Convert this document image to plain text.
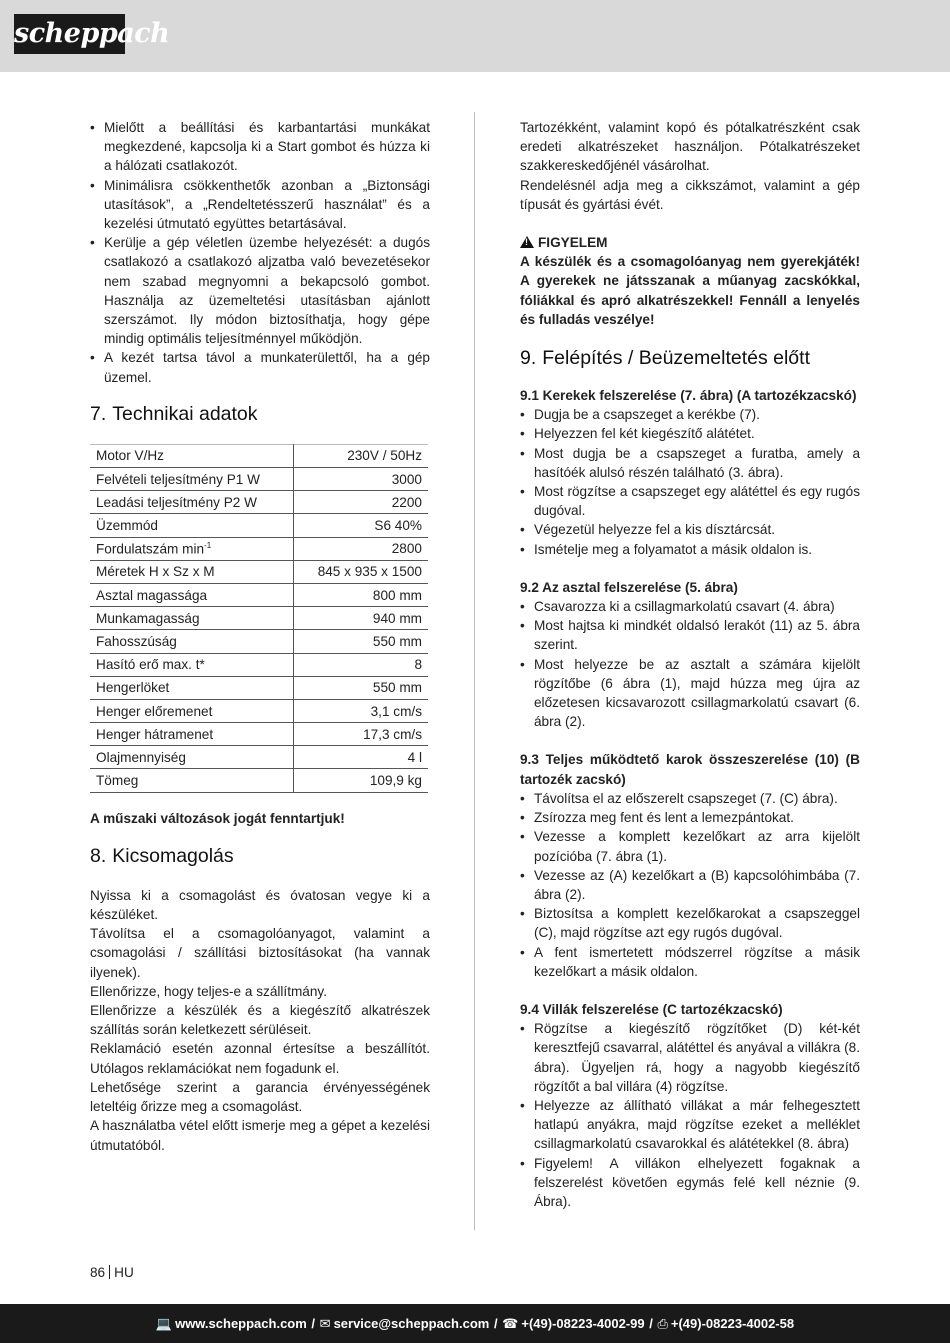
scheppach
• Mielőtt a beállítási és karbantartási munkákat megkezdené, kapcsolja ki a Start gombot és húzza ki a hálózati csatlakozót.
• Minimálisra csökkenthetők azonban a „Biztonsági utasítások”, a „Rendeltetésszerű használat” és a kezelési útmutató együttes betartásával.
• Kerülje a gép véletlen üzembe helyezését: a dugós csatlakozó a csatlakozó aljzatba való bevezetésekor nem szabad megnyomni a bekapcsoló gombot. Használja az üzemeltetési utasításban ajánlott szerszámot. Ily módon biztosíthatja, hogy gépe mindig optimális teljesítménnyel működjön.
• A kezét tartsa távol a munkaterülettől, ha a gép üzemel.
7. Technikai adatok
Motor V/Hz	230V / 50Hz
Felvételi teljesítmény P1 W	3000
Leadási teljesítmény P2 W	2200
Üzemmód	S6 40%
Fordulatszám $\min^{-1}$	2800
Méretek H x Sz x M	845 x 935 x 1500
Asztal magassága	800 mm
Munkamagasság	940 mm
Fahosszúság	550 mm
Hasító erő max. t*	8
Hengerlöket	550 mm
Henger előremenet	3,1 cm/s
Henger hátramenet	17,3 cm/s
Olajmennyiség	4 l
Tömeg	109,9 kg

A műszaki változások jogát fenntartjuk!

8. Kicsomagolás

Nyissa ki a csomagolást és óvatosan vegye ki a készüléket.

Távolítsa el a csomagolóanyagot, valamint a csomagolási / szállítási biztosításokat (ha vannak ilyenek).

Ellenőrizze, hogy teljes-e a szállítmány.

Ellenőrizze a készülék és a kiegészítő alkatrészek szállítás során keletkezett sérüléseit.

Reklamáció esetén azonnal értesítse a beszállítót. Utólagos reklamációkat nem fogadunk el.

Lehetősége szerint a garancia érvényességének leteltéig őrizze meg a csomagolást.

A használatba vétel előtt ismerje meg a gépet a kezelési útmutatóból.

Tartozékként, valamint kopó és pótalkatrészként csak eredeti alkatrészeket használjon. Pótalkatrészeket szakkereskedőjénél vásárolhat.

Rendelésnél adja meg a cikkszámot, valamint a gép típusát és gyártási évét.

!FIGYELEM

A készülék és a csomagolóanyag nem gyerekjáték! A gyerekek ne játsszanak a műanyag zacskókkal, fóliákkal és apró alkatrészekkel! Fennáll a lenyelés és fulladás veszélye!

9. Felépítés / Beüzemeltetés előtt
9.1 Kerekek felszerelése (7. ábra) (A tartozékzacskó)
• Dugja be a csapszeget a kerékbe (7).
• Helyezzen fel két kiegészítő alátétet.
• Most dugja be a csapszeget a furatba, amely a hasítóék alulsó részén található (3. ábra).
• Most rögzítse a csapszeget egy alátéttel és egy rugós dugóval.
• Végezetül helyezze fel a kis dísztárcsát.
• Ismételje meg a folyamatot a másik oldalon is.
9.2 Az asztal felszerelése (5. ábra)
• Csavarozza ki a csillagmarkolatú csavart (4. ábra)
• Most hajtsa ki mindkét oldalsó lerakót (11) az 5. ábra szerint.
• Most helyezze be az asztalt a számára kijelölt rögzítőbe (6 ábra (1), majd húzza meg újra az előzetesen kicsavarozott csillagmarkolatú csavart (6. ábra (2).
9.3 Teljes működtető karok összeszerelése (10) (B tartozék zacskó)
• Távolítsa el az előszerelt csapszeget (7. (C) ábra).
• Zsírozza meg fent és lent a lemezpántokat.
• Vezesse a komplett kezelőkart az arra kijelölt pozícióba (7. ábra (1).
• Vezesse az (A) kezelőkart a (B) kapcsolóhimbába (7. ábra (2).
• Biztosítsa a komplett kezelőkarokat a csapszeggel (C), majd rögzítse azt egy rugós dugóval.
• A fent ismertetett módszerrel rögzítse a másik kezelőkart a másik oldalon.
9.4 Villák felszerelése (C tartozékzacskó)
• Rögzítse a kiegészítő rögzítőket (D) két-két keresztfejű csavarral, alátéttel és anyával a villákra (8. ábra). Ügyeljen rá, hogy a nagyobb kiegészítő rögzítőt a bal villára (4) rögzítse.
• Helyezze az állítható villákat a már felhegesztett hatlapú anyákra, majd rögzítse ezeket a melléklet csillagmarkolatú csavarokkal és alátétekkel (8. ábra)
• Figyelem! A villákon elhelyezett fogaknak a felszerelést követően egymás felé kell néznie (9. Ábra).
86 HU
💻 www.scheppach.com / ✉ service@scheppach.com / ☎ +(49)-08223-4002-99 / ⎙ +(49)-08223-4002-58
